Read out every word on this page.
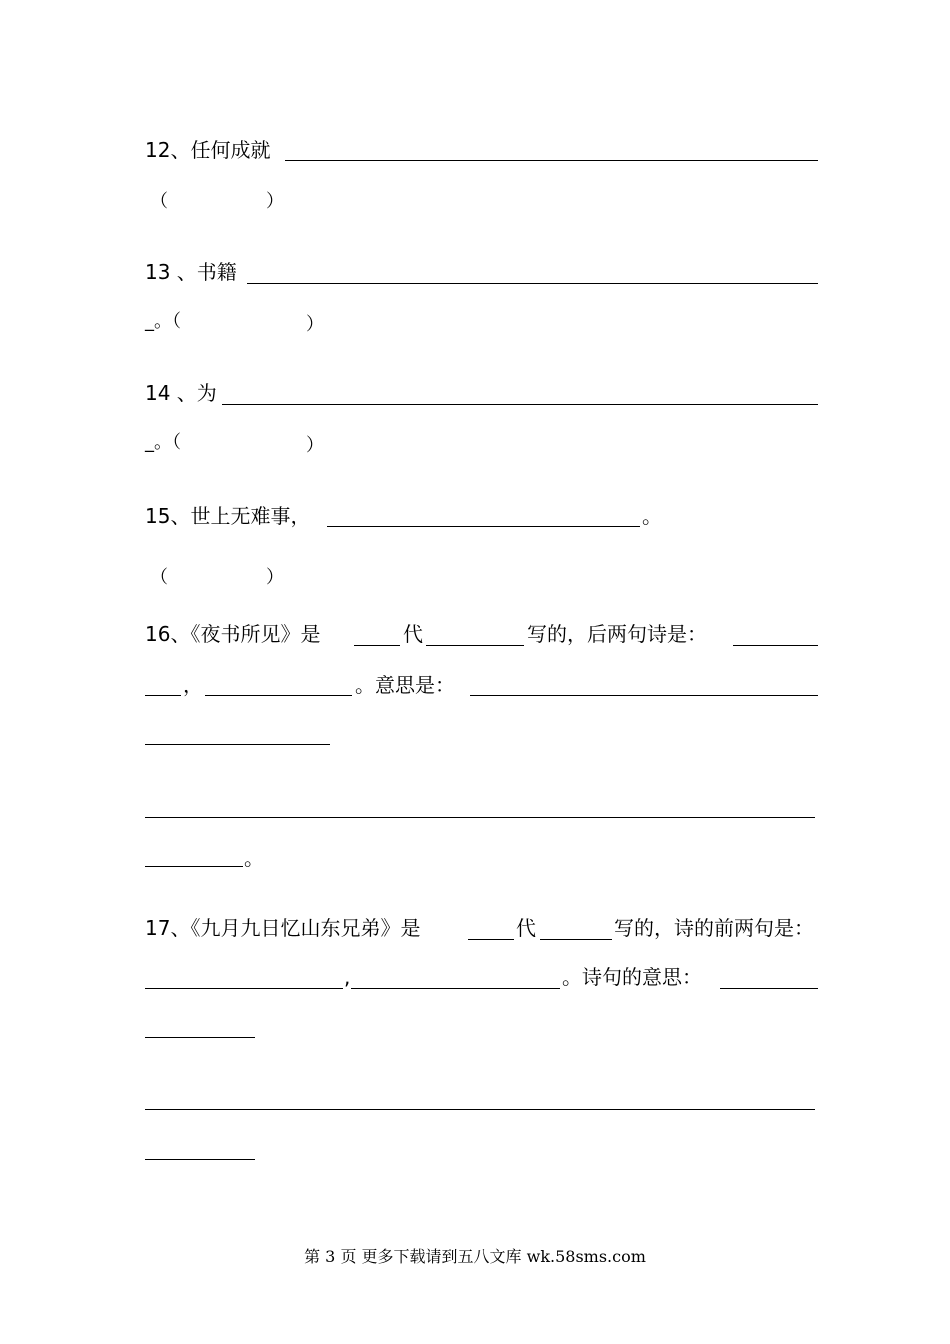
12、任何成就
（	）
13 、书籍
_。（	）
14 、为
_。（	）
15、世上无难事，	。
（	）
16、《夜书所见》是	代	写的，后两句诗是：
，	。意思是：
。
17、《九月九日忆山东兄弟》是	代	写的，诗的前两句是：
,	。诗句的意思：
第 3 页 更多下载请到五八文库 wk.58sms.com
